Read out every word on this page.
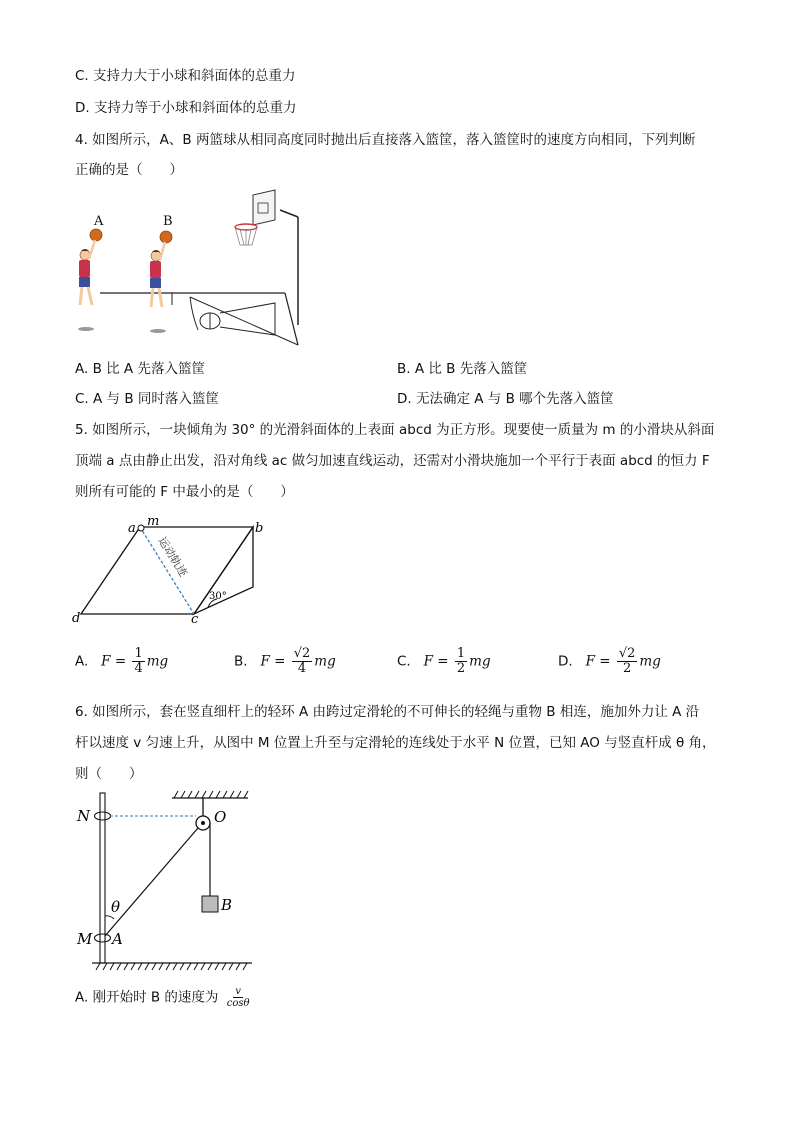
C. 支持力大于小球和斜面体的总重力
D. 支持力等于小球和斜面体的总重力
4. 如图所示，A、B 两篮球从相同高度同时抛出后直接落入篮筐，落入篮筐时的速度方向相同，下列判断
正确的是（　　）
A	B
A. B 比 A 先落入篮筐	B. A 比 B 先落入篮筐
C. A 与 B 同时落入篮筐	D. 无法确定 A 与 B 哪个先落入篮筐
5. 如图所示，一块倾角为 30° 的光滑斜面体的上表面 abcd 为正方形。现要使一质量为 m 的小滑块从斜面
顶端 a 点由静止出发，沿对角线 ac 做匀加速直线运动，还需对小滑块施加一个平行于表面 abcd 的恒力 F
则所有可能的 F 中最小的是（　　）
a m	b
d	c
30°
运动轨迹
A. $F = \frac{1}{4}$ mg	B. $F = \frac{√2}{4}$ mg	C. $F = \frac{1}{2}$ mg	D. $F = \frac{√2}{2}$ mg
6. 如图所示，套在竖直细杆上的轻环 A 由跨过定滑轮的不可伸长的轻绳与重物 B 相连，施加外力让 A 沿
杆以速度 v 匀速上升，从图中 M 位置上升至与定滑轮的连线处于水平 N 位置，已知 AO 与竖直杆成 θ 角，
则（　　）
N	O
θ	B
M A
A. 刚开始时 B 的速度为 $\frac{v}{\cos\theta}$
